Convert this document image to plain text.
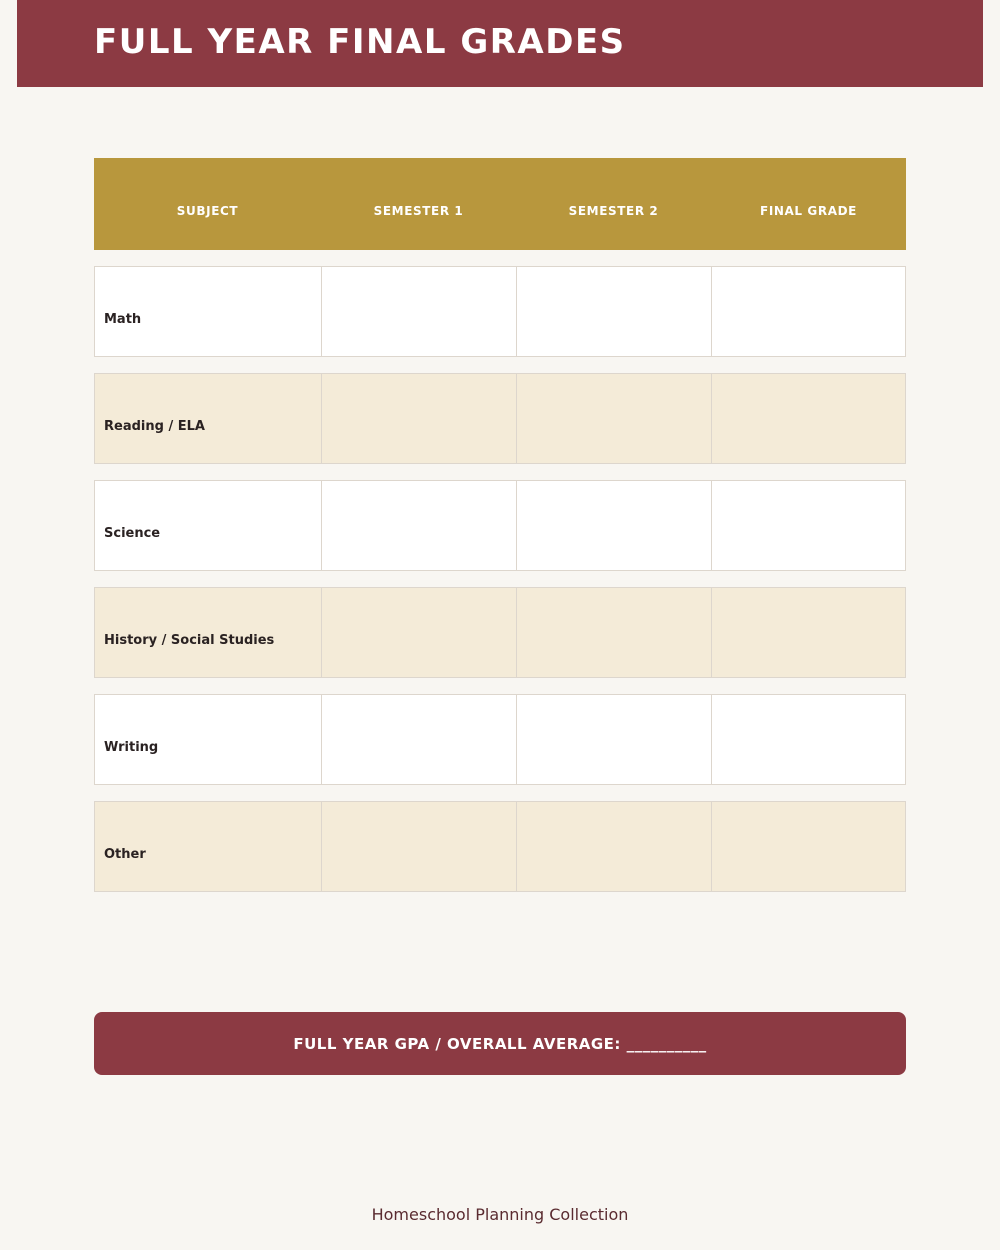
FULL YEAR FINAL GRADES
SUBJECT	SEMESTER 1	SEMESTER 2	FINAL GRADE
Math
Reading / ELA
Science
History / Social Studies
Writing
Other
FULL YEAR GPA / OVERALL AVERAGE: __________
Homeschool Planning Collection
